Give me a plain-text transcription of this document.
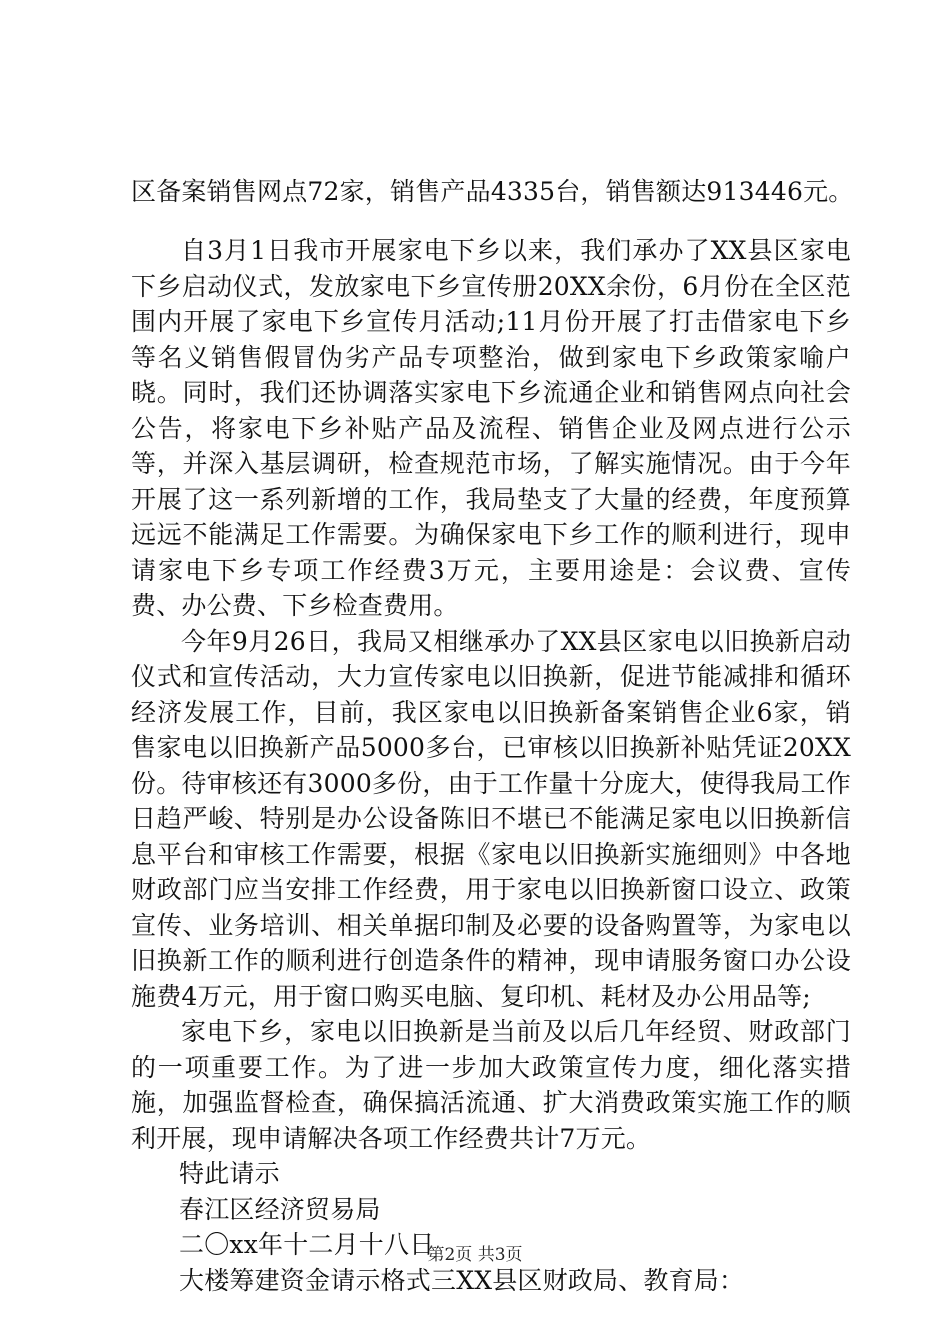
区备案销售网点72家，销售产品4335台，销售额达913446元。

自3月1日我市开展家电下乡以来，我们承办了XX县区家电下乡启动仪式，发放家电下乡宣传册20XX余份，6月份在全区范围内开展了家电下乡宣传月活动;11月份开展了打击借家电下乡等名义销售假冒伪劣产品专项整治，做到家电下乡政策家喻户晓。同时，我们还协调落实家电下乡流通企业和销售网点向社会公告，将家电下乡补贴产品及流程、销售企业及网点进行公示等，并深入基层调研，检查规范市场，了解实施情况。由于今年开展了这一系列新增的工作，我局垫支了大量的经费，年度预算远远不能满足工作需要。为确保家电下乡工作的顺利进行，现申请家电下乡专项工作经费3万元，主要用途是：会议费、宣传费、办公费、下乡检查费用。

今年9月26日，我局又相继承办了XX县区家电以旧换新启动仪式和宣传活动，大力宣传家电以旧换新，促进节能减排和循环经济发展工作，目前，我区家电以旧换新备案销售企业6家，销售家电以旧换新产品5000多台，已审核以旧换新补贴凭证20XX份。待审核还有3000多份，由于工作量十分庞大，使得我局工作日趋严峻、特别是办公设备陈旧不堪已不能满足家电以旧换新信息平台和审核工作需要，根据《家电以旧换新实施细则》中各地财政部门应当安排工作经费，用于家电以旧换新窗口设立、政策宣传、业务培训、相关单据印制及必要的设备购置等，为家电以旧换新工作的顺利进行创造条件的精神，现申请服务窗口办公设施费4万元，用于窗口购买电脑、复印机、耗材及办公用品等;

家电下乡，家电以旧换新是当前及以后几年经贸、财政部门的一项重要工作。为了进一步加大政策宣传力度，细化落实措施，加强监督检查，确保搞活流通、扩大消费政策实施工作的顺利开展，现申请解决各项工作经费共计7万元。

特此请示

春江区经济贸易局

二〇xx年十二月十八日

大楼筹建资金请示格式三XX县区财政局、教育局：

第2页 共3页
